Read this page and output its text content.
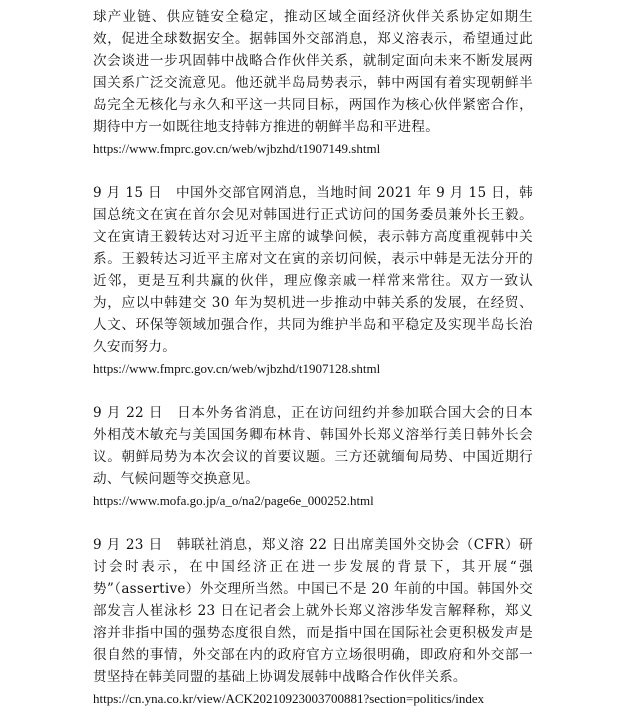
球产业链、供应链安全稳定，推动区域全面经济伙伴关系协定如期生效，促进全球数据安全。据韩国外交部消息，郑义溶表示，希望通过此次会谈进一步巩固韩中战略合作伙伴关系，就制定面向未来不断发展两国关系广泛交流意见。他还就半岛局势表示，韩中两国有着实现朝鲜半岛完全无核化与永久和平这一共同目标，两国作为核心伙伴紧密合作，期待中方一如既往地支持韩方推进的朝鲜半岛和平进程。

https://www.fmprc.gov.cn/web/wjbzhd/t1907149.shtml

9 月 15 日 中国外交部官网消息，当地时间 2021 年 9 月 15 日，韩国总统文在寅在首尔会见对韩国进行正式访问的国务委员兼外长王毅。文在寅请王毅转达对习近平主席的诚挚问候，表示韩方高度重视韩中关系。王毅转达习近平主席对文在寅的亲切问候，表示中韩是无法分开的近邻，更是互利共赢的伙伴，理应像亲戚一样常来常往。双方一致认为，应以中韩建交 30 年为契机进一步推动中韩关系的发展，在经贸、人文、环保等领域加强合作，共同为维护半岛和平稳定及实现半岛长治久安而努力。

https://www.fmprc.gov.cn/web/wjbzhd/t1907128.shtml

9 月 22 日 日本外务省消息，正在访问纽约并参加联合国大会的日本外相茂木敏充与美国国务卿布林肯、韩国外长郑义溶举行美日韩外长会议。朝鲜局势为本次会议的首要议题。三方还就缅甸局势、中国近期行动、气候问题等交换意见。

https://www.mofa.go.jp/a_o/na2/page6e_000252.html

9 月 23 日 韩联社消息，郑义溶 22 日出席美国外交协会（CFR）研讨会时表示，在中国经济正在进一步发展的背景下，其开展“强势”（assertive）外交理所当然。中国已不是 20 年前的中国。韩国外交部发言人崔泳杉 23 日在记者会上就外长郑义溶涉华发言解释称，郑义溶并非指中国的强势态度很自然，而是指中国在国际社会更积极发声是很自然的事情，外交部在内的政府官方立场很明确，即政府和外交部一贯坚持在韩美同盟的基础上协调发展韩中战略合作伙伴关系。

https://cn.yna.co.kr/view/ACK20210923003700881?section=politics/index
